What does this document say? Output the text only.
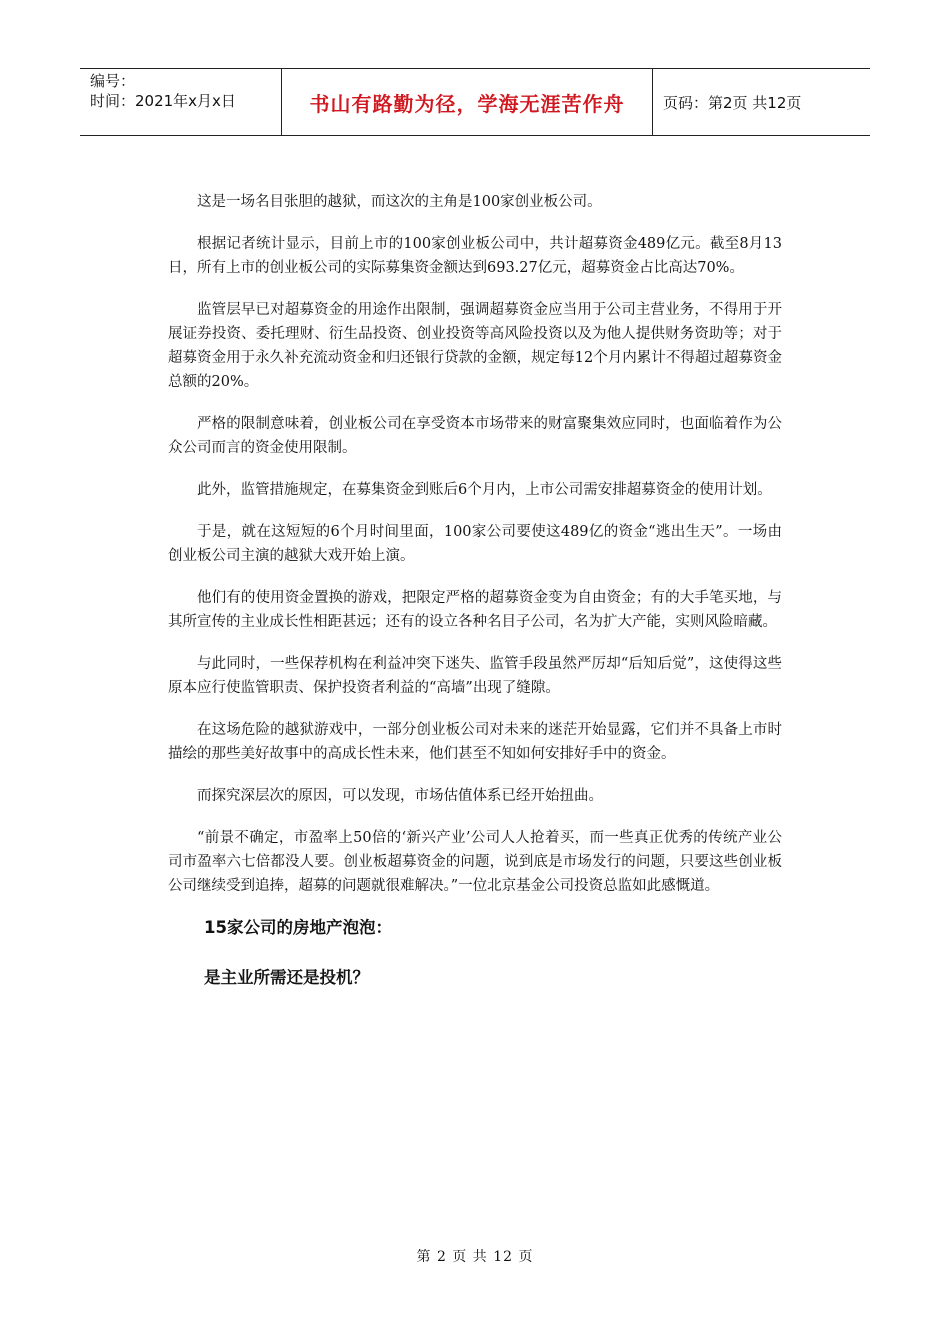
编号：
时间：2021年x月x日	书山有路勤为径，学海无涯苦作舟	页码：第2页 共12页

这是一场名目张胆的越狱，而这次的主角是100家创业板公司。

根据记者统计显示，目前上市的100家创业板公司中，共计超募资金489亿元。截至8月13日，所有上市的创业板公司的实际募集资金额达到693.27亿元，超募资金占比高达70%。

监管层早已对超募资金的用途作出限制，强调超募资金应当用于公司主营业务，不得用于开展证券投资、委托理财、衍生品投资、创业投资等高风险投资以及为他人提供财务资助等；对于超募资金用于永久补充流动资金和归还银行贷款的金额，规定每12个月内累计不得超过超募资金总额的20%。

严格的限制意味着，创业板公司在享受资本市场带来的财富聚集效应同时，也面临着作为公众公司而言的资金使用限制。

此外，监管措施规定，在募集资金到账后6个月内，上市公司需安排超募资金的使用计划。

于是，就在这短短的6个月时间里面，100家公司要使这489亿的资金“逃出生天”。一场由创业板公司主演的越狱大戏开始上演。

他们有的使用资金置换的游戏，把限定严格的超募资金变为自由资金；有的大手笔买地，与其所宣传的主业成长性相距甚远；还有的设立各种名目子公司，名为扩大产能，实则风险暗藏。

与此同时，一些保荐机构在利益冲突下迷失、监管手段虽然严厉却“后知后觉”，这使得这些原本应行使监管职责、保护投资者利益的“高墙”出现了缝隙。

在这场危险的越狱游戏中，一部分创业板公司对未来的迷茫开始显露，它们并不具备上市时描绘的那些美好故事中的高成长性未来，他们甚至不知如何安排好手中的资金。

而探究深层次的原因，可以发现，市场估值体系已经开始扭曲。

“前景不确定，市盈率上50倍的‘新兴产业’公司人人抢着买，而一些真正优秀的传统产业公司市盈率六七倍都没人要。创业板超募资金的问题，说到底是市场发行的问题，只要这些创业板公司继续受到追捧，超募的问题就很难解决。”一位北京基金公司投资总监如此感慨道。

15家公司的房地产泡泡：
是主业所需还是投机？
第 2 页 共 12 页
